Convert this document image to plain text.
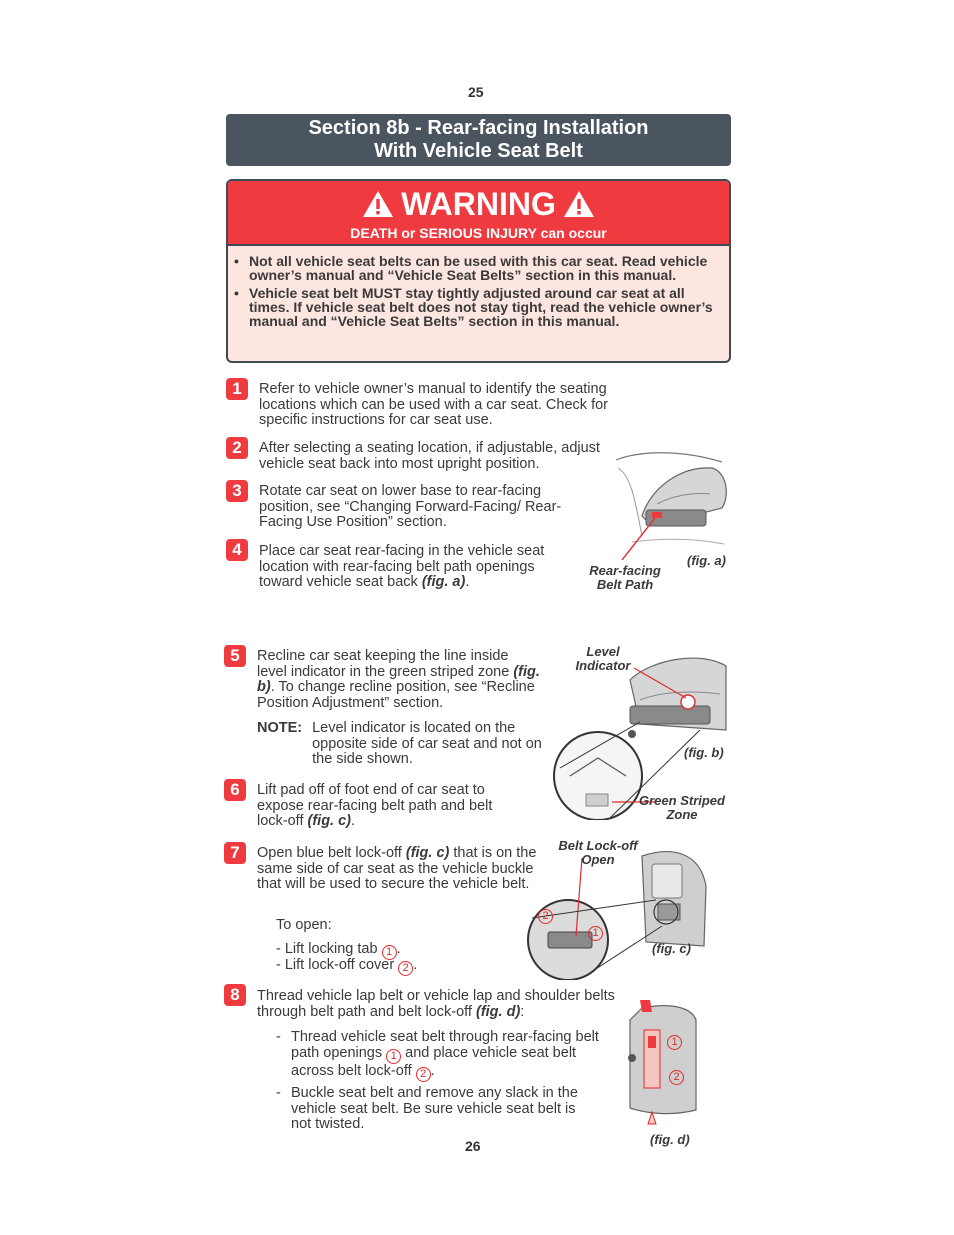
25
Section 8b - Rear-facing Installation
With Vehicle Seat Belt
WARNING
DEATH or SERIOUS INJURY can occur
• Not all vehicle seat belts can be used with this car seat. Read vehicle owner’s manual and “Vehicle Seat Belts” section in this manual.
• Vehicle seat belt MUST stay tightly adjusted around car seat at all times. If vehicle seat belt does not stay tight, read the vehicle owner’s manual and “Vehicle Seat Belts” section in this manual.
1	Refer to vehicle owner’s manual to identify the seating locations which can be used with a car seat. Check for specific instructions for car seat use.
2	After selecting a seating location, if adjustable, adjust vehicle seat back into most upright position.
3	Rotate car seat on lower base to rear-facing position, see “Changing Forward-Facing/ Rear-Facing Use Position” section.
4	Place car seat rear-facing in the vehicle seat location with rear-facing belt path openings toward vehicle seat back (fig. a).
Rear-facing Belt Path
(fig. a)
5	Recline car seat keeping the line inside level indicator in the green striped zone (fig. b). To change recline position, see “Recline Position Adjustment” section.
NOTE: Level indicator is located on the opposite side of car seat and not on the side shown.
Level Indicator
(fig. b)
Green Striped Zone
6	Lift pad off of foot end of car seat to expose rear-facing belt path and belt lock-off (fig. c).
7	Open blue belt lock-off (fig. c) that is on the same side of car seat as the vehicle buckle that will be used to secure the vehicle belt.
To open:
- Lift locking tab 1 .
- Lift lock-off cover 2 .
Belt Lock-off Open
2
1
(fig. c)
8	Thread vehicle lap belt or vehicle lap and shoulder belts through belt path and belt lock-off (fig. d):
- Thread vehicle seat belt through rear-facing belt path openings 1 and place vehicle seat belt across belt lock-off 2 .
- Buckle seat belt and remove any slack in the vehicle seat belt. Be sure vehicle seat belt is not twisted.
1
2
(fig. d)
26
